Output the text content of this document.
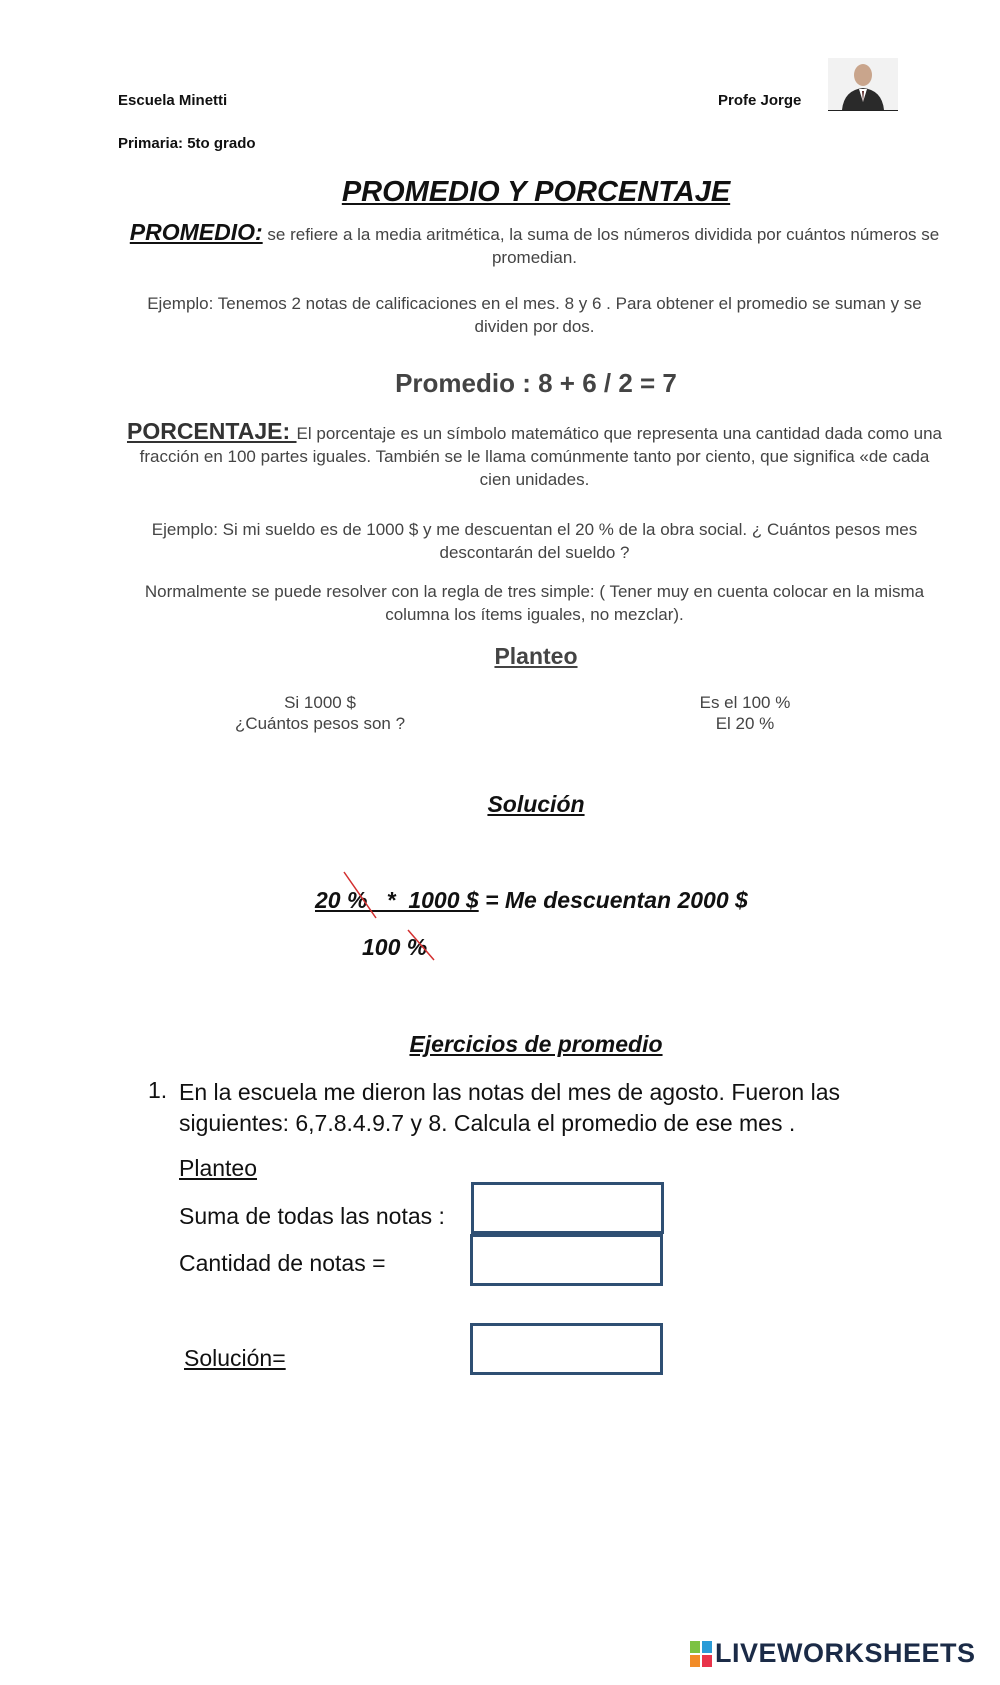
Escuela Minetti
Primaria: 5to grado
Profe Jorge
PROMEDIO Y PORCENTAJE
PROMEDIO: se refiere a la media aritmética, la suma de los números dividida por cuántos números se promedian.
Ejemplo: Tenemos 2 notas de calificaciones en el mes. 8 y 6 . Para obtener el promedio se suman y se dividen por dos.
Promedio : 8 + 6 / 2 = 7
PORCENTAJE: El porcentaje es un símbolo matemático que representa una cantidad dada como una fracción en 100 partes iguales. También se le llama comúnmente tanto por ciento, que significa «de cada cien unidades.
Ejemplo: Si mi sueldo es de 1000 $ y me descuentan el 20 % de la obra social. ¿ Cuántos pesos mes descontarán del sueldo ?
Normalmente se puede resolver con la regla de tres simple: ( Tener muy en cuenta colocar en la misma columna los ítems iguales, no mezclar).
Planteo
Si 1000 $
¿Cuántos pesos son ?
Es el 100 %
El 20 %
Solución
20 %   *  1000 $ = Me descuentan 2000 $
100 %
Ejercicios de promedio
1. En la escuela me dieron las notas del mes de agosto. Fueron las siguientes: 6,7.8.4.9.7 y 8. Calcula el promedio de ese mes .
Planteo
Suma de todas las notas :
Cantidad de notas =
Solución=
LIVEWORKSHEETS
